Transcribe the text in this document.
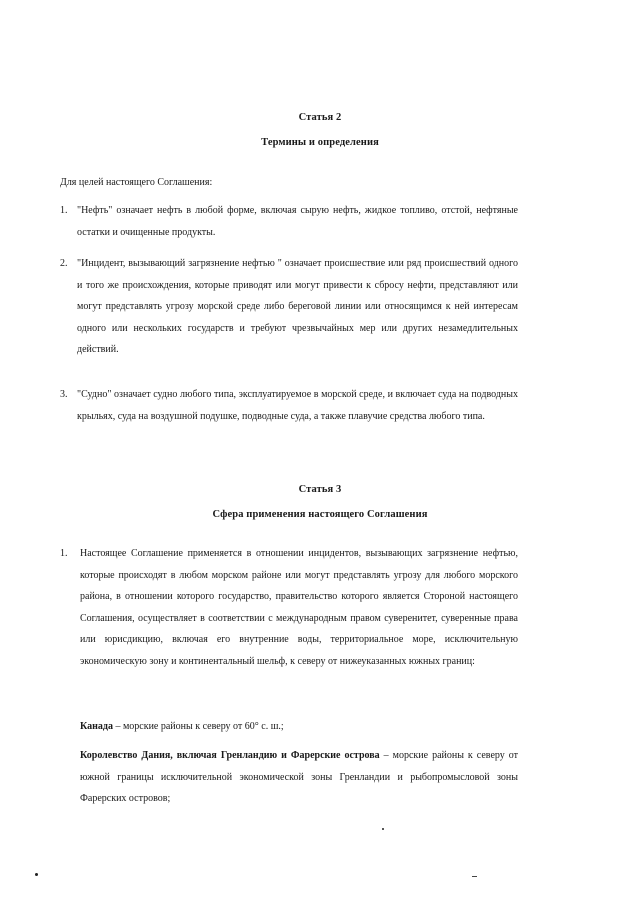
Статья 2
Термины и определения
Для целей настоящего Соглашения:
1. "Нефть" означает нефть в любой форме, включая сырую нефть, жидкое топливо, отстой, нефтяные остатки и очищенные продукты.
2. "Инцидент, вызывающий загрязнение нефтью " означает происшествие или ряд происшествий одного и того же происхождения, которые приводят или могут привести к сбросу нефти, представляют или могут представлять угрозу морской среде либо береговой линии или относящимся к ней интересам одного или нескольких государств и требуют чрезвычайных мер или других незамедлительных действий.
3. "Судно" означает судно любого типа, эксплуатируемое в морской среде, и включает суда на подводных крыльях, суда на воздушной подушке, подводные суда, а также плавучие средства любого типа.
Статья 3
Сфера применения настоящего Соглашения
1. Настоящее Соглашение применяется в отношении инцидентов, вызывающих загрязнение нефтью, которые происходят в любом морском районе или могут представлять угрозу для любого морского района, в отношении которого государство, правительство которого является Стороной настоящего Соглашения, осуществляет в соответствии с международным правом суверенитет, суверенные права или юрисдикцию, включая его внутренние воды, территориальное море, исключительную экономическую зону и континентальный шельф, к северу от нижеуказанных южных границ:
Канада – морские районы к северу от 60° с. ш.;
Королевство Дания, включая Гренландию и Фарерские острова – морские районы к северу от южной границы исключительной экономической зоны Гренландии и рыбопромысловой зоны Фарерских островов;
